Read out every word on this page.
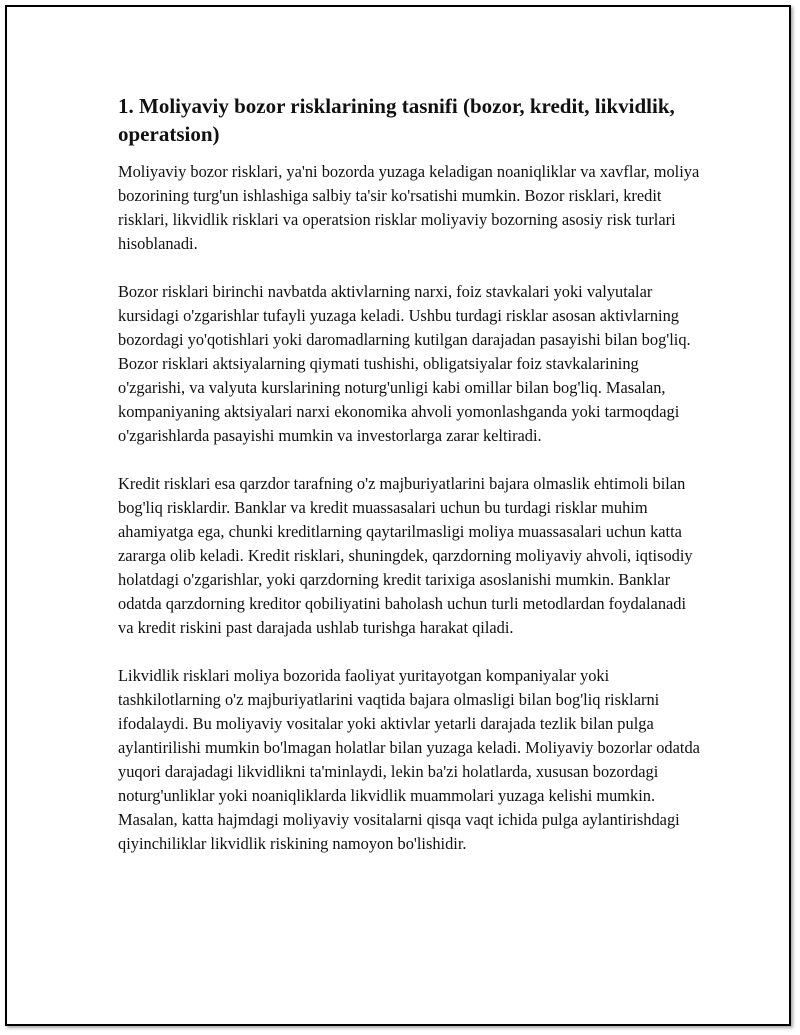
1. Moliyaviy bozor risklarining tasnifi (bozor, kredit, likvidlik, operatsion)

Moliyaviy bozor risklari, ya'ni bozorda yuzaga keladigan noaniqliklar va xavflar, moliya bozorining turg'un ishlashiga salbiy ta'sir ko'rsatishi mumkin. Bozor risklari, kredit risklari, likvidlik risklari va operatsion risklar moliyaviy bozorning asosiy risk turlari hisoblanadi.

Bozor risklari birinchi navbatda aktivlarning narxi, foiz stavkalari yoki valyutalar kursidagi o'zgarishlar tufayli yuzaga keladi. Ushbu turdagi risklar asosan aktivlarning bozordagi yo'qotishlari yoki daromadlarning kutilgan darajadan pasayishi bilan bog'liq. Bozor risklari aktsiyalarning qiymati tushishi, obligatsiyalar foiz stavkalarining o'zgarishi, va valyuta kurslarining noturg'unligi kabi omillar bilan bog'liq. Masalan, kompaniyaning aktsiyalari narxi ekonomika ahvoli yomonlashganda yoki tarmoqdagi o'zgarishlarda pasayishi mumkin va investorlarga zarar keltiradi.

Kredit risklari esa qarzdor tarafning o'z majburiyatlarini bajara olmaslik ehtimoli bilan bog'liq risklardir. Banklar va kredit muassasalari uchun bu turdagi risklar muhim ahamiyatga ega, chunki kreditlarning qaytarilmasligi moliya muassasalari uchun katta zararga olib keladi. Kredit risklari, shuningdek, qarzdorning moliyaviy ahvoli, iqtisodiy holatdagi o'zgarishlar, yoki qarzdorning kredit tarixiga asoslanishi mumkin. Banklar odatda qarzdorning kreditor qobiliyatini baholash uchun turli metodlardan foydalanadi va kredit riskini past darajada ushlab turishga harakat qiladi.

Likvidlik risklari moliya bozorida faoliyat yuritayotgan kompaniyalar yoki tashkilotlarning o'z majburiyatlarini vaqtida bajara olmasligi bilan bog'liq risklarni ifodalaydi. Bu moliyaviy vositalar yoki aktivlar yetarli darajada tezlik bilan pulga aylantirilishi mumkin bo'lmagan holatlar bilan yuzaga keladi. Moliyaviy bozorlar odatda yuqori darajadagi likvidlikni ta'minlaydi, lekin ba'zi holatlarda, xususan bozordagi noturg'unliklar yoki noaniqliklarda likvidlik muammolari yuzaga kelishi mumkin. Masalan, katta hajmdagi moliyaviy vositalarni qisqa vaqt ichida pulga aylantirishdagi qiyinchiliklar likvidlik riskining namoyon bo'lishidir.
